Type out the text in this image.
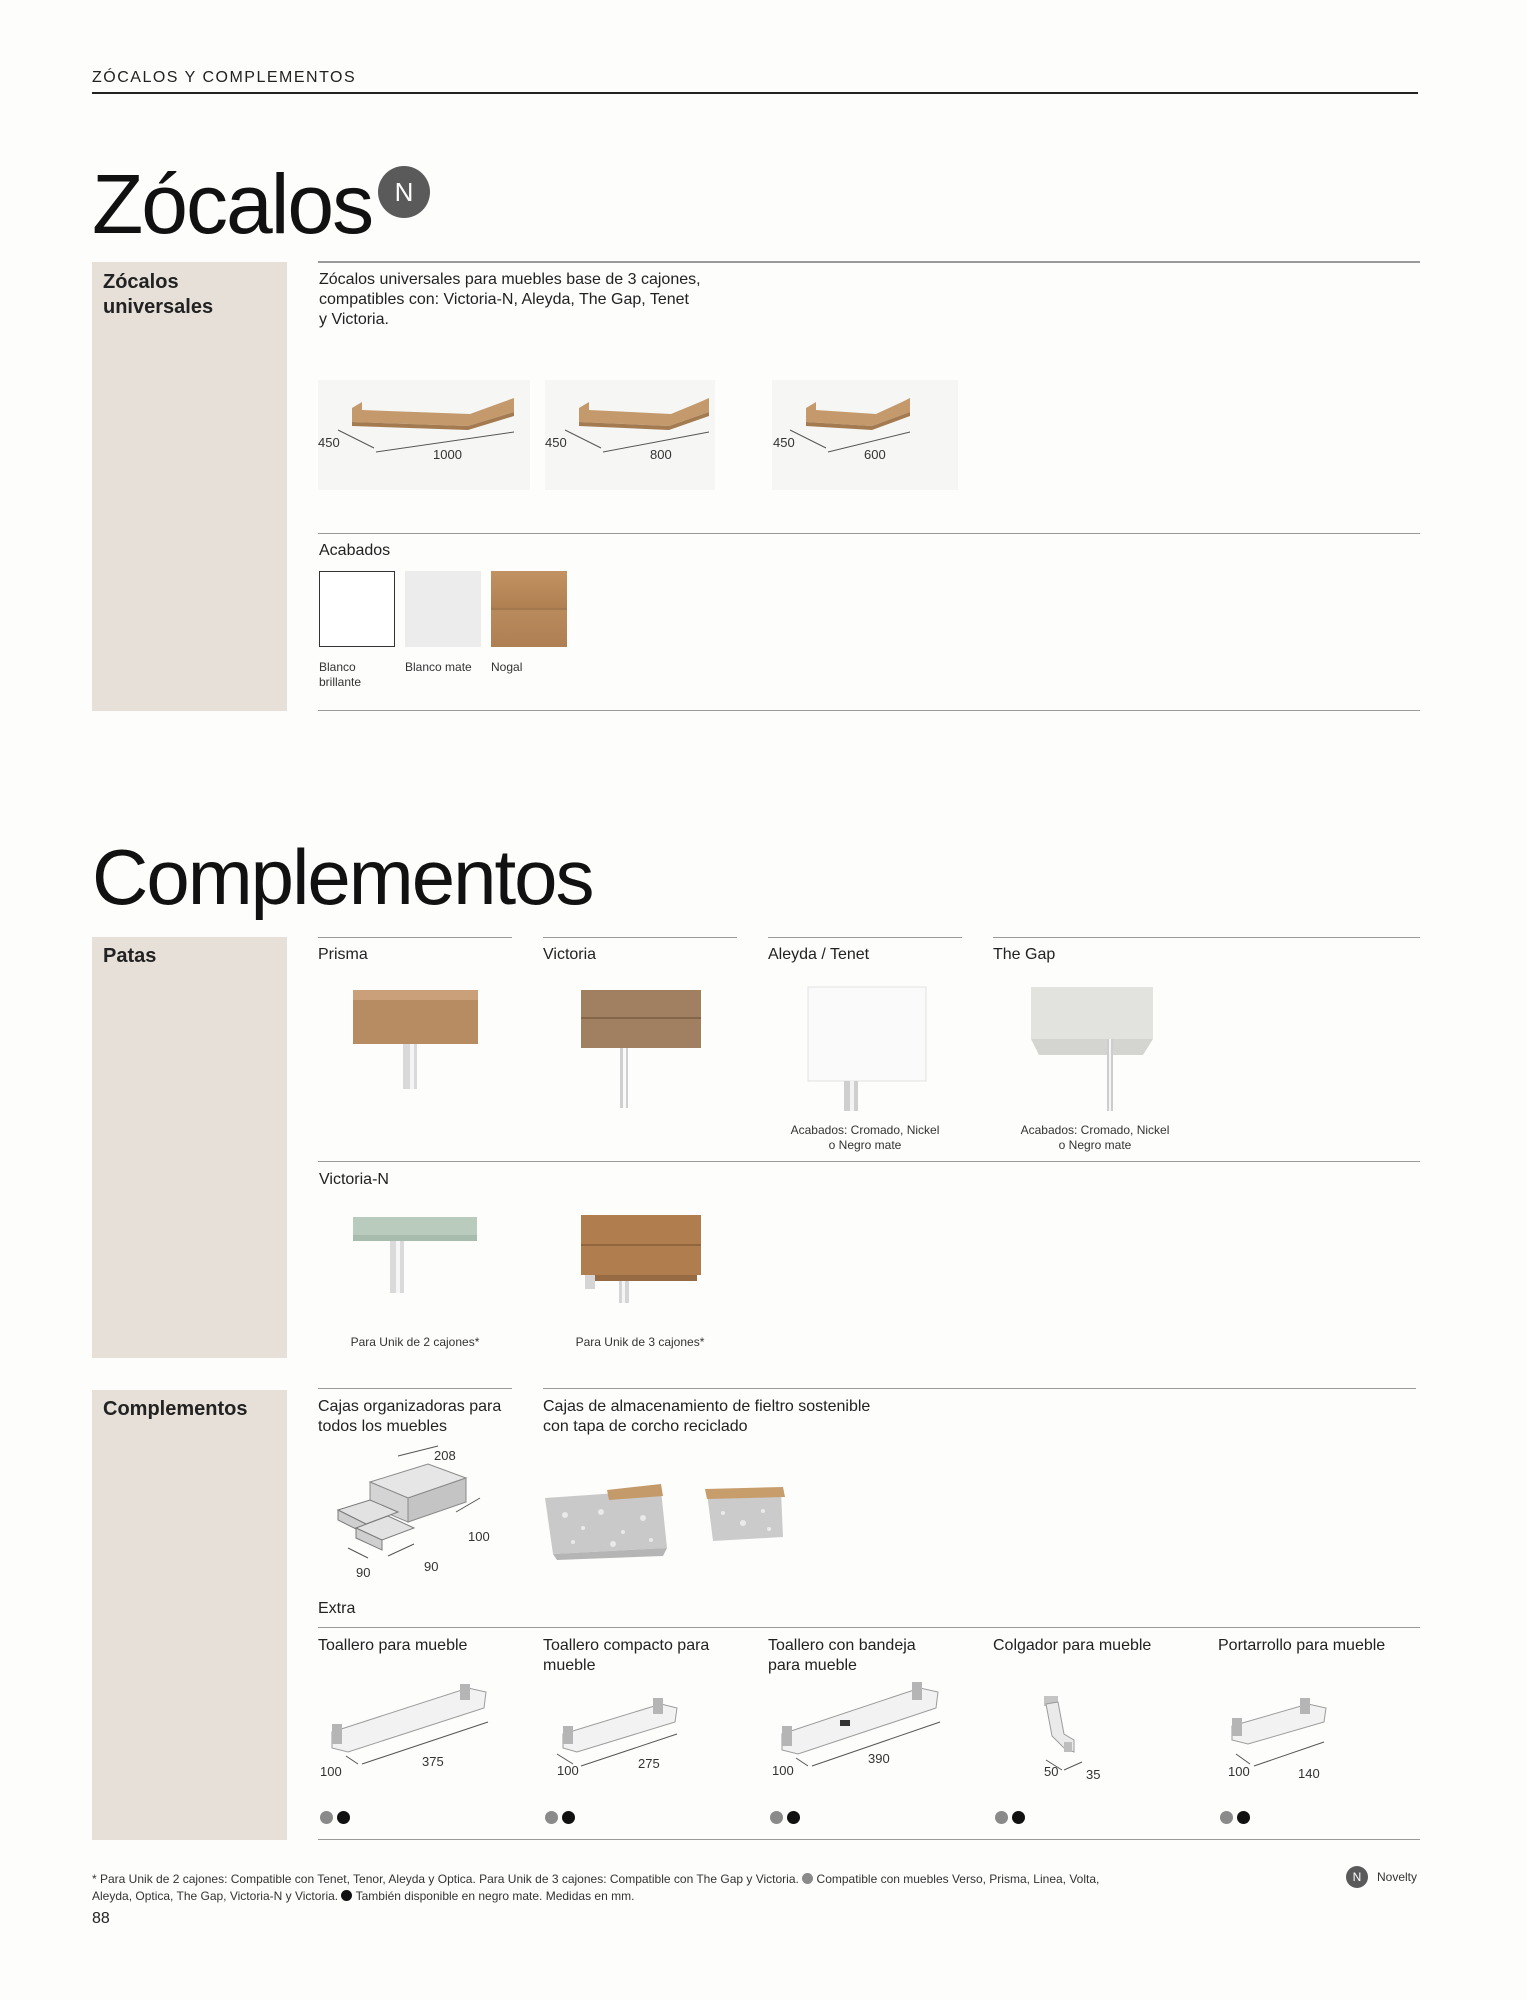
ZÓCALOS Y COMPLEMENTOS
Zócalos N
Zócalos
universales
Zócalos universales para muebles base de 3 cajones,
compatibles con: Victoria-N, Aleyda, The Gap, Tenet
y Victoria.
450
1000
450
800
450
600
Acabados
Blanco
brillante
Blanco mate Nogal
Complementos
Patas	Prisma	Victoria	Aleyda / Tenet	The Gap
Acabados: Cromado, Nickel
o Negro mate
Acabados: Cromado, Nickel
o Negro mate
Victoria-N
Para Unik de 2 cajones*	Para Unik de 3 cajones*
Complementos	Cajas organizadoras para
todos los muebles
Cajas de almacenamiento de fieltro sostenible
con tapa de corcho reciclado
208
100
90	90
Extra
Toallero para mueble	Toallero compacto para
mueble
Toallero con bandeja
para mueble
Colgador para mueble	Portarrollo para mueble
100
375
100	275	100
390
50 35	100	140
* Para Unik de 2 cajones: Compatible con Tenet, Tenor, Aleyda y Optica. Para Unik de 3 cajones: Compatible con The Gap y Victoria. Compatible con muebles Verso, Prisma, Linea, Volta,
Aleyda, Optica, The Gap, Victoria-N y Victoria. También disponible en negro mate. Medidas en mm.
N	Novelty
88
